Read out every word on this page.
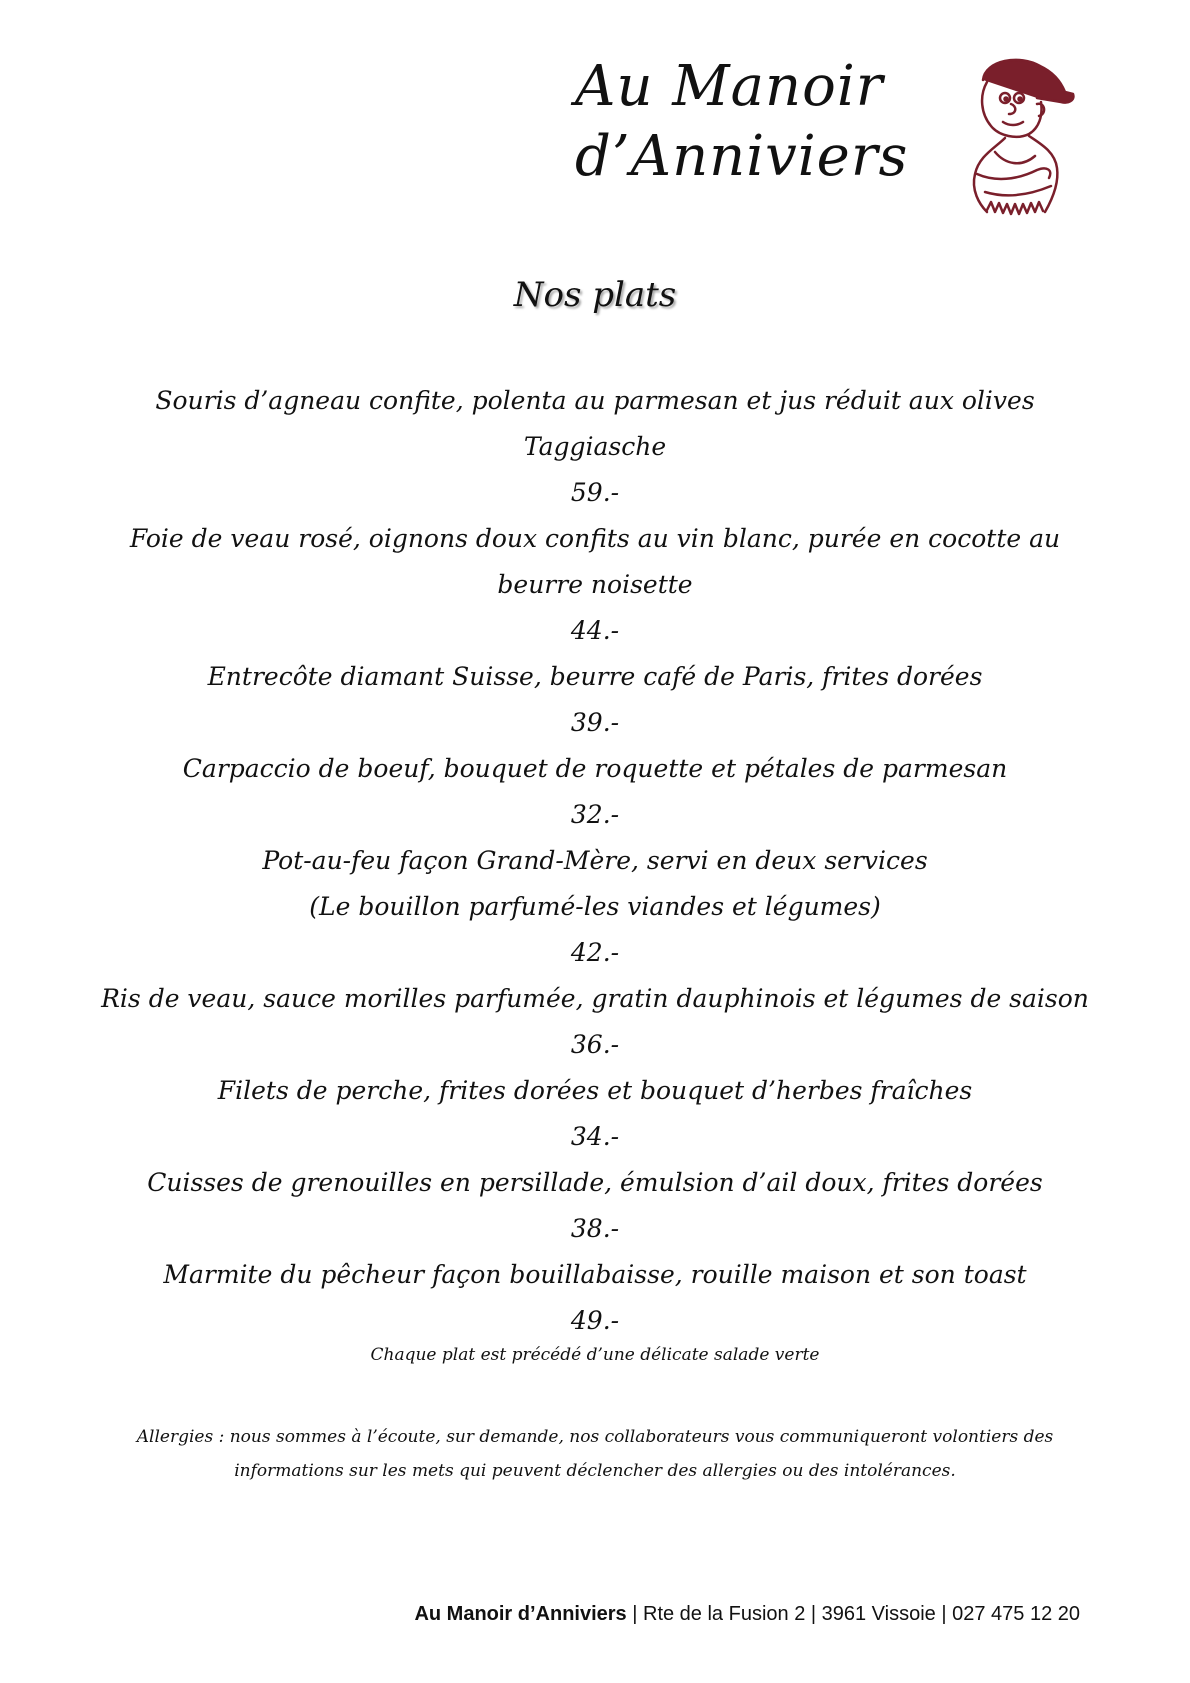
Au Manoir
d’Anniviers
Nos plats
Souris d’agneau confite, polenta au parmesan et jus réduit aux olives Taggiasche
59.-
Foie de veau rosé, oignons doux confits au vin blanc, purée en cocotte au beurre noisette
44.-
Entrecôte diamant Suisse, beurre café de Paris, frites dorées
39.-
Carpaccio de boeuf, bouquet de roquette et pétales de parmesan
32.-
Pot-au-feu façon Grand-Mère, servi en deux services
(Le bouillon parfumé-les viandes et légumes)
42.-
Ris de veau, sauce morilles parfumée, gratin dauphinois et légumes de saison
36.-
Filets de perche, frites dorées et bouquet d’herbes fraîches
34.-
Cuisses de grenouilles en persillade, émulsion d’ail doux, frites dorées
38.-
Marmite du pêcheur façon bouillabaisse, rouille maison et son toast
49.-
Chaque plat est précédé d’une délicate salade verte
Allergies : nous sommes à l’écoute, sur demande, nos collaborateurs vous communiqueront volontiers des
informations sur les mets qui peuvent déclencher des allergies ou des intolérances.
Au Manoir d’Anniviers | Rte de la Fusion 2 | 3961 Vissoie | 027 475 12 20
